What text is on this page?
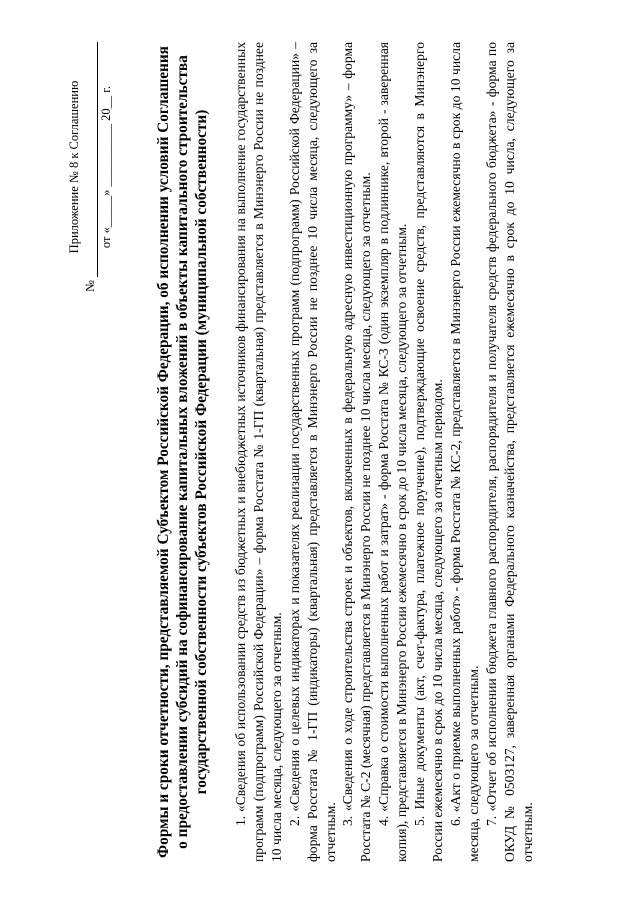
Приложение № 8 к Соглашению
№
от «_____» __________ 20__ г.	Формы и сроки отчетности, представляемой Субъектом Российской Федерации, об исполнении условий Соглашения о предоставлении субсидий на софинансирование капитальных вложений в объекты капитального строительства государственной собственности субъектов Российской Федерации (муниципальной собственности) 1. «Сведения об использовании средств из бюджетных и внебюджетных источников финансирования на выполнение государственных программ (подпрограмм) Российской Федерации» – форма Росстата № 1-ГП (квартальная) представляется в Минэнерго России не позднее 10 числа месяца, следующего за отчетным. 2. «Сведения о целевых индикаторах и показателях реализации государственных программ (подпрограмм) Российской Федерации» – форма Росстата № 1-ГП (индикаторы) (квартальная) представляется в Минэнерго России не позднее 10 числа месяца, следующего за отчетным.

3. «Сведения о ходе строительства строек и объектов, включенных в федеральную адресную инвестиционную программу» – форма Росстата № С-2 (месячная) представляется в Минэнерго России не позднее 10 числа месяца, следующего за отчетным. 4. «Справка о стоимости выполненных работ и затрат» - форма Росстата № КС-3 (один экземпляр в подлиннике, второй - заверенная копия), представляется в Минэнерго России ежемесячно в срок до 10 числа месяца, следующего за отчетным. 5. Иные документы (акт, счет-фактура, платежное поручение), подтверждающие освоение средств, представляются в Минэнерго России ежемесячно в срок до 10 числа месяца, следующего за отчетным периодом. 6. «Акт о приемке выполненных работ» - форма Росстата № КС-2, представляется в Минэнерго России ежемесячно в срок до 10 числа месяца, следующего за отчетным. 7. «Отчет об исполнении бюджета главного распорядителя, распорядителя и получателя средств федерального бюджета» - форма по ОКУД № 0503127, заверенная органами Федерального казначейства, представляется ежемесячно в срок до 10 числа, следующего за отчетным.
